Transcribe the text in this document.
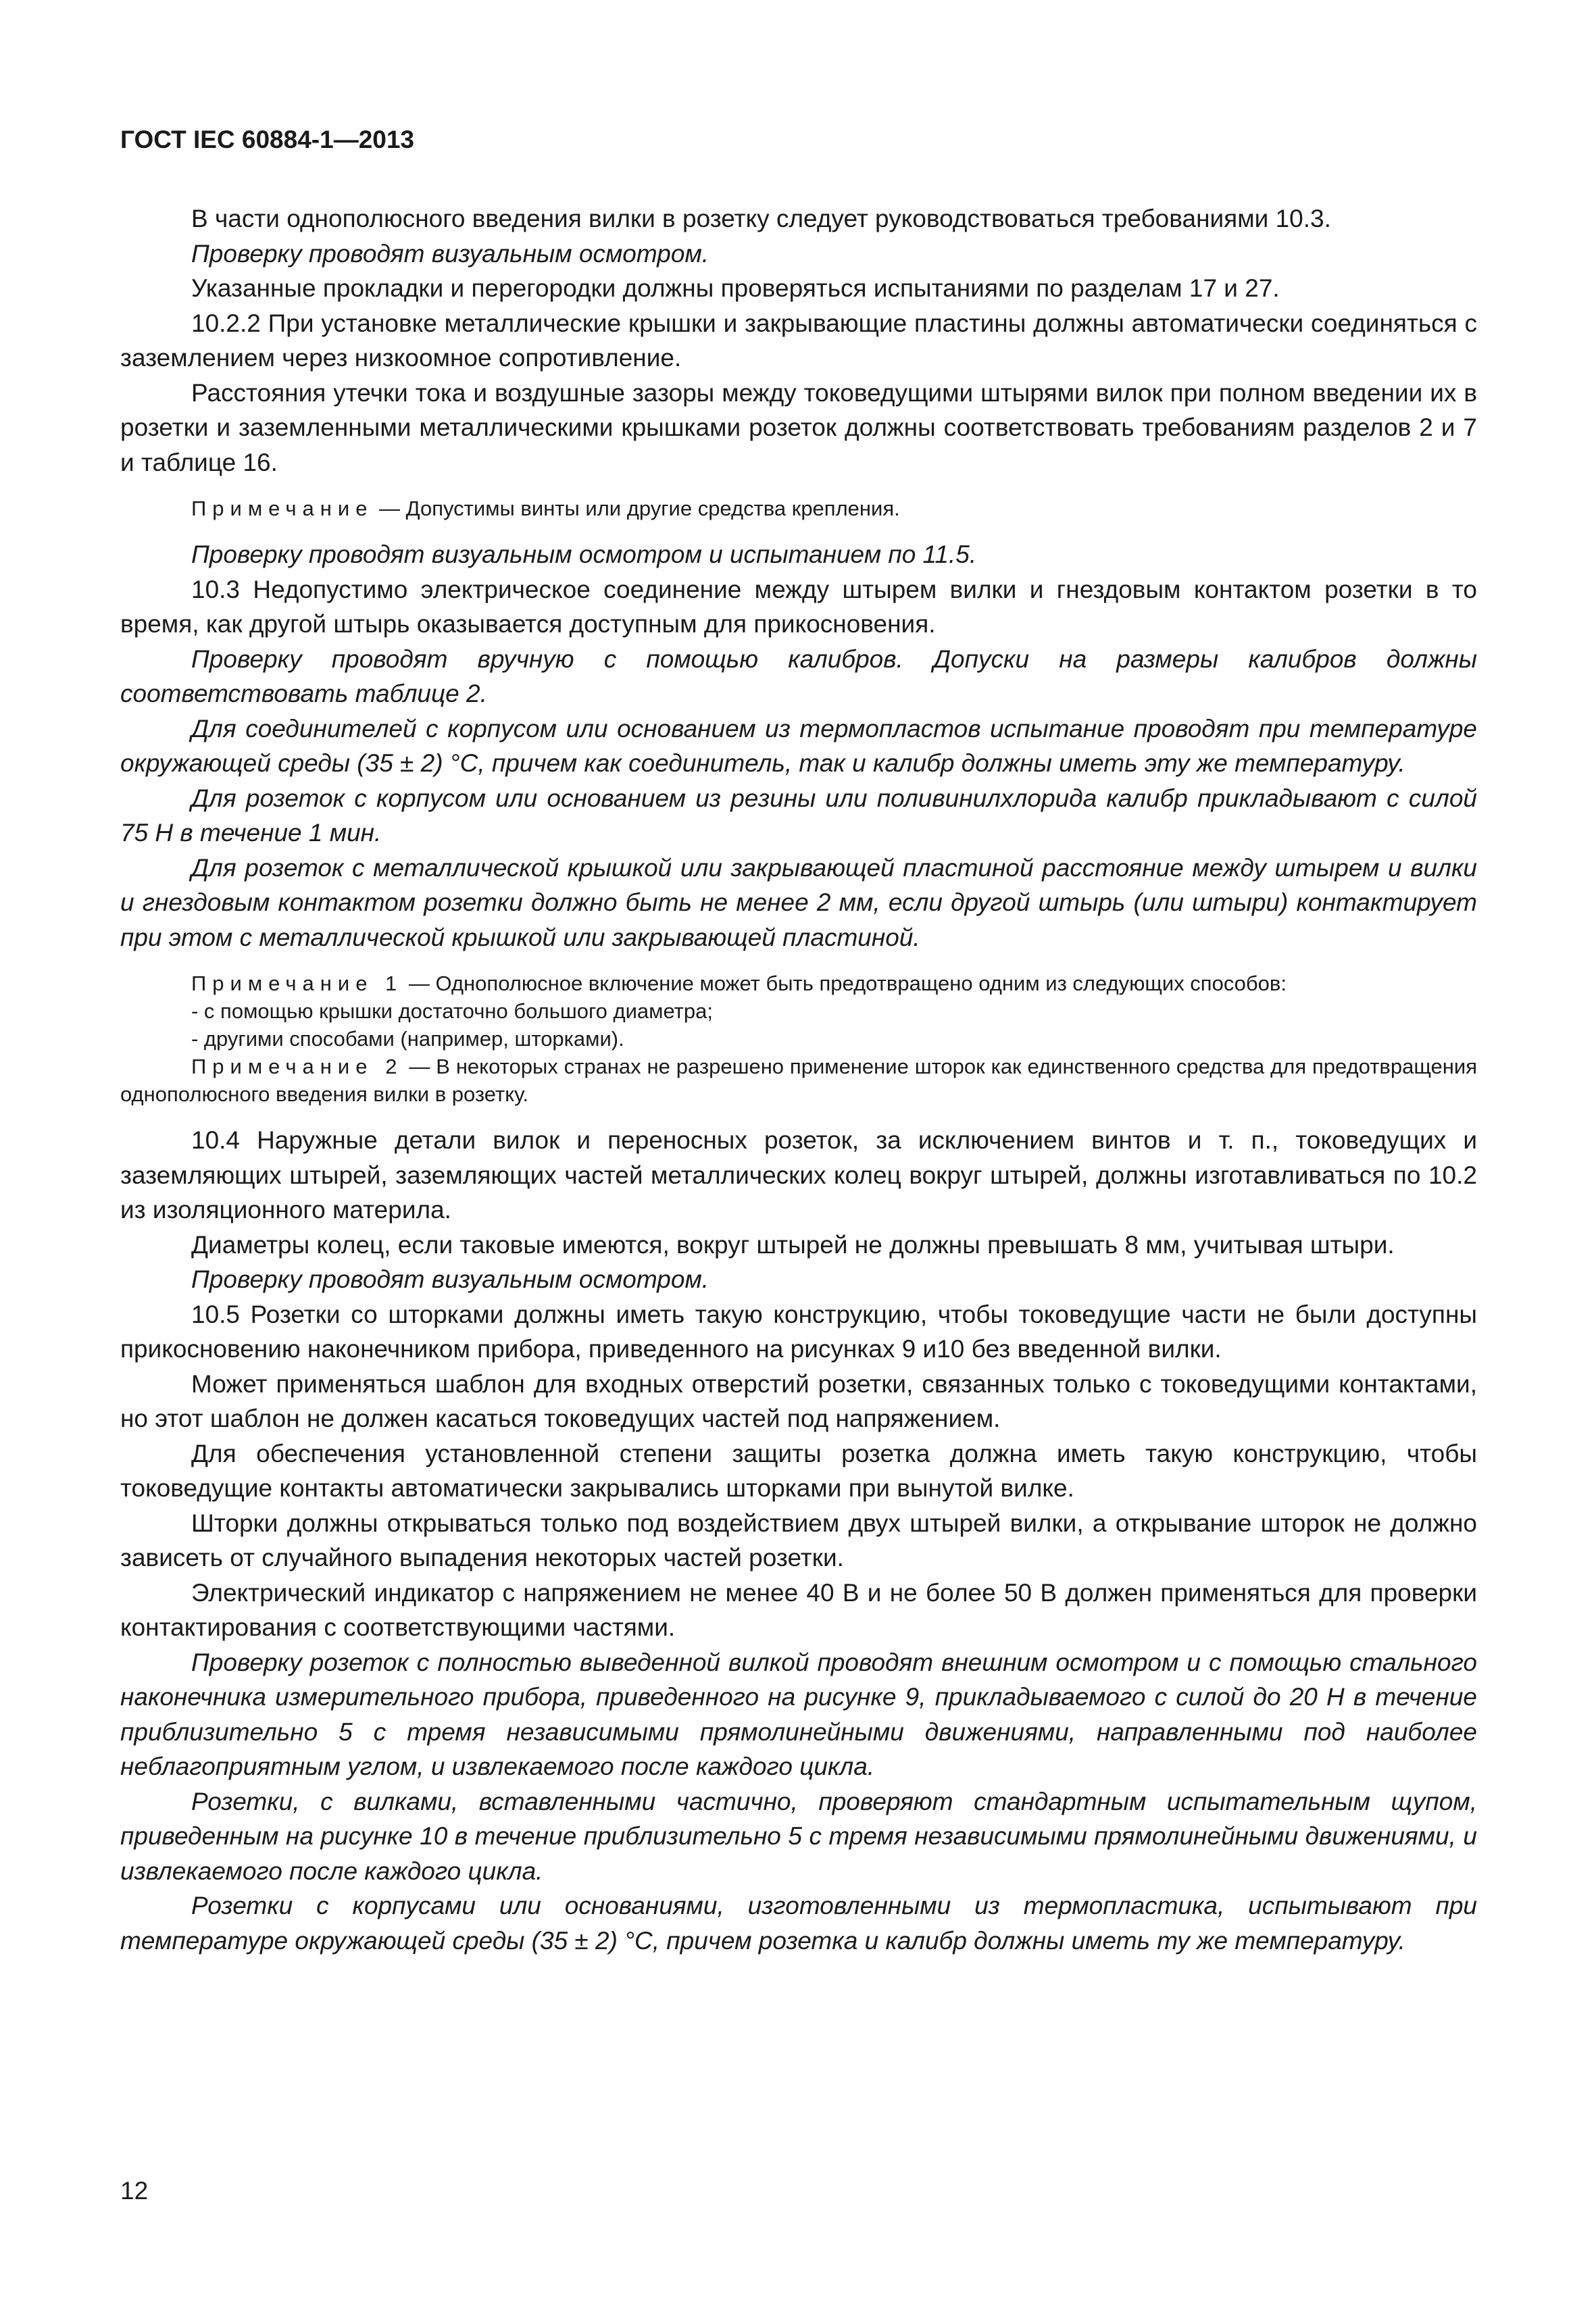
ГОСТ IEC 60884-1—2013

В части однополюсного введения вилки в розетку следует руководствоваться требованиями 10.3.

Проверку проводят визуальным осмотром.

Указанные прокладки и перегородки должны проверяться испытаниями по разделам 17 и 27.

10.2.2 При установке металлические крышки и закрывающие пластины должны автоматически соединяться с заземлением через низкоомное сопротивление.

Расстояния утечки тока и воздушные зазоры между токоведущими штырями вилок при полном введении их в розетки и заземленными металлическими крышками розеток должны соответствовать требованиям разделов 2 и 7 и таблице 16.

Примечание — Допустимы винты или другие средства крепления.

Проверку проводят визуальным осмотром и испытанием по 11.5.

10.3 Недопустимо электрическое соединение между штырем вилки и гнездовым контактом розетки в то время, как другой штырь оказывается доступным для прикосновения.

Проверку проводят вручную с помощью калибров. Допуски на размеры калибров должны соответствовать таблице 2.

Для соединителей с корпусом или основанием из термопластов испытание проводят при температуре окружающей среды (35 ± 2) °С, причем как соединитель, так и калибр должны иметь эту же температуру.

Для розеток с корпусом или основанием из резины или поливинилхлорида калибр прикладывают с силой 75 Н в течение 1 мин.

Для розеток с металлической крышкой или закрывающей пластиной расстояние между штырем и вилки и гнездовым контактом розетки должно быть не менее 2 мм, если другой штырь (или штыри) контактирует при этом с металлической крышкой или закрывающей пластиной.

Примечание 1 — Однополюсное включение может быть предотвращено одним из следующих способов:

- с помощью крышки достаточно большого диаметра;

- другими способами (например, шторками).

Примечание 2 — В некоторых странах не разрешено применение шторок как единственного средства для предотвращения однополюсного введения вилки в розетку.

10.4 Наружные детали вилок и переносных розеток, за исключением винтов и т. п., токоведущих и заземляющих штырей, заземляющих частей металлических колец вокруг штырей, должны изготавливаться по 10.2 из изоляционного материла.

Диаметры колец, если таковые имеются, вокруг штырей не должны превышать 8 мм, учитывая штыри.

Проверку проводят визуальным осмотром.

10.5 Розетки со шторками должны иметь такую конструкцию, чтобы токоведущие части не были доступны прикосновению наконечником прибора, приведенного на рисунках 9 и10 без введенной вилки.

Может применяться шаблон для входных отверстий розетки, связанных только с токоведущими контактами, но этот шаблон не должен касаться токоведущих частей под напряжением.

Для обеспечения установленной степени защиты розетка должна иметь такую конструкцию, чтобы токоведущие контакты автоматически закрывались шторками при вынутой вилке.

Шторки должны открываться только под воздействием двух штырей вилки, а открывание шторок не должно зависеть от случайного выпадения некоторых частей розетки.

Электрический индикатор с напряжением не менее 40 В и не более 50 В должен применяться для проверки контактирования с соответствующими частями.

Проверку розеток с полностью выведенной вилкой проводят внешним осмотром и с помощью стального наконечника измерительного прибора, приведенного на рисунке 9, прикладываемого с силой до 20 Н в течение приблизительно 5 с тремя независимыми прямолинейными движениями, направленными под наиболее неблагоприятным углом, и извлекаемого после каждого цикла.

Розетки, с вилками, вставленными частично, проверяют стандартным испытательным щупом, приведенным на рисунке 10 в течение приблизительно 5 с тремя независимыми прямолинейными движениями, и извлекаемого после каждого цикла.

Розетки с корпусами или основаниями, изготовленными из термопластика, испытывают при температуре окружающей среды (35 ± 2) °С, причем розетка и калибр должны иметь ту же температуру.

12
